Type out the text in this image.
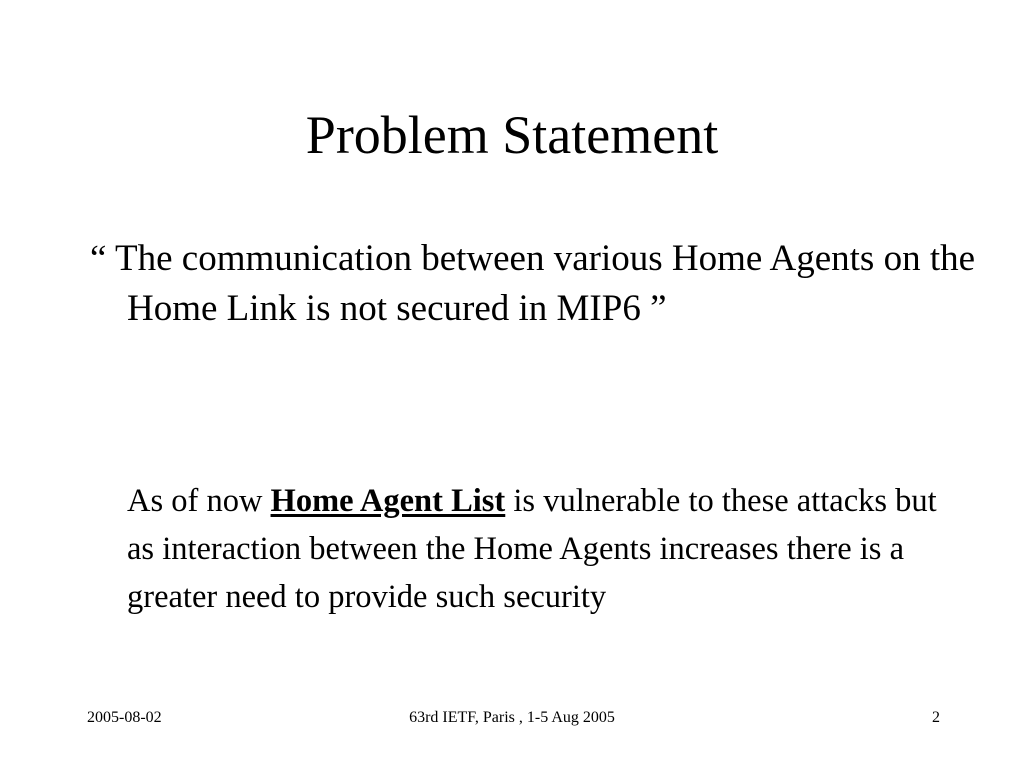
Problem Statement
“ The communication between various Home Agents on the Home Link is not secured in MIP6 ”
As of now Home Agent List is vulnerable to these attacks but as interaction between the Home Agents increases there is a greater need to provide such security
2005-08-02	63rd IETF, Paris , 1-5 Aug 2005	2
